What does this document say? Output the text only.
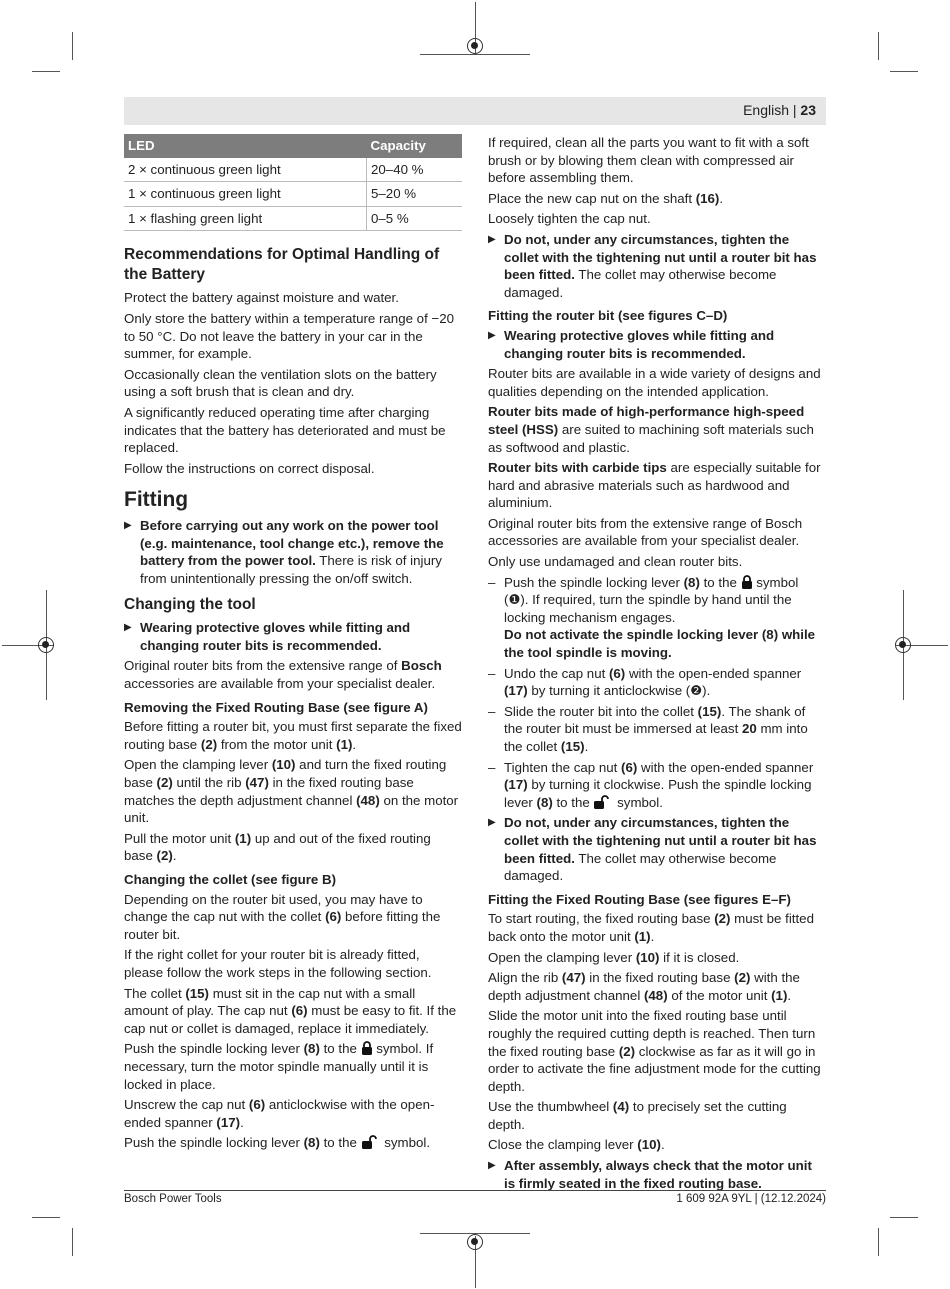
English | 23
LED	Capacity
2 × continuous green light	20–40 %
1 × continuous green light	5–20 %
1 × flashing green light	0–5 %
Recommendations for Optimal Handling of the Battery

Protect the battery against moisture and water.

Only store the battery within a temperature range of −20 to 50 °C. Do not leave the battery in your car in the summer, for example.

Occasionally clean the ventilation slots on the battery using a soft brush that is clean and dry.

A significantly reduced operating time after charging indicates that the battery has deteriorated and must be replaced.

Follow the instructions on correct disposal.

Fitting

▶ Before carrying out any work on the power tool (e.g. maintenance, tool change etc.), remove the battery from the power tool. There is risk of injury from unintentionally pressing the on/off switch.

Changing the tool

▶ Wearing protective gloves while fitting and changing router bits is recommended.

Original router bits from the extensive range of Bosch accessories are available from your specialist dealer.

Removing the Fixed Routing Base (see figure A)

Before fitting a router bit, you must first separate the fixed routing base (2) from the motor unit (1).

Open the clamping lever (10) and turn the fixed routing base (2) until the rib (47) in the fixed routing base matches the depth adjustment channel (48) on the motor unit.

Pull the motor unit (1) up and out of the fixed routing base (2).

Changing the collet (see figure B)

Depending on the router bit used, you may have to change the cap nut with the collet (6) before fitting the router bit.

If the right collet for your router bit is already fitted, please follow the work steps in the following section.

The collet (15) must sit in the cap nut with a small amount of play. The cap nut (6) must be easy to fit. If the cap nut or collet is damaged, replace it immediately.

Push the spindle locking lever (8) to the  symbol. If necessary, turn the motor spindle manually until it is locked in place.

Unscrew the cap nut (6) anticlockwise with the open-ended spanner (17).

Push the spindle locking lever (8) to the  symbol.

If required, clean all the parts you want to fit with a soft brush or by blowing them clean with compressed air before assembling them.

Place the new cap nut on the shaft (16).

Loosely tighten the cap nut.

▶ Do not, under any circumstances, tighten the collet with the tightening nut until a router bit has been fitted. The collet may otherwise become damaged.

Fitting the router bit (see figures C–D)

▶ Wearing protective gloves while fitting and changing router bits is recommended.

Router bits are available in a wide variety of designs and qualities depending on the intended application.

Router bits made of high-performance high-speed steel (HSS) are suited to machining soft materials such as softwood and plastic.

Router bits with carbide tips are especially suitable for hard and abrasive materials such as hardwood and aluminium.

Original router bits from the extensive range of Bosch accessories are available from your specialist dealer.

Only use undamaged and clean router bits.

– Push the spindle locking lever (8) to the  symbol (❶). If required, turn the spindle by hand until the locking mechanism engages.
Do not activate the spindle locking lever (8) while the tool spindle is moving.
– Undo the cap nut (6) with the open-ended spanner (17) by turning it anticlockwise (❷).
– Slide the router bit into the collet (15). The shank of the router bit must be immersed at least 20 mm into the collet (15).
– Tighten the cap nut (6) with the open-ended spanner (17) by turning it clockwise. Push the spindle locking lever (8) to the  symbol.

▶ Do not, under any circumstances, tighten the collet with the tightening nut until a router bit has been fitted. The collet may otherwise become damaged.

Fitting the Fixed Routing Base (see figures E–F)

To start routing, the fixed routing base (2) must be fitted back onto the motor unit (1).

Open the clamping lever (10) if it is closed.

Align the rib (47) in the fixed routing base (2) with the depth adjustment channel (48) of the motor unit (1).

Slide the motor unit into the fixed routing base until roughly the required cutting depth is reached. Then turn the fixed routing base (2) clockwise as far as it will go in order to activate the fine adjustment mode for the cutting depth.

Use the thumbwheel (4) to precisely set the cutting depth.

Close the clamping lever (10).

▶ After assembly, always check that the motor unit is firmly seated in the fixed routing base.

Bosch Power Tools	1 609 92A 9YL | (12.12.2024)
